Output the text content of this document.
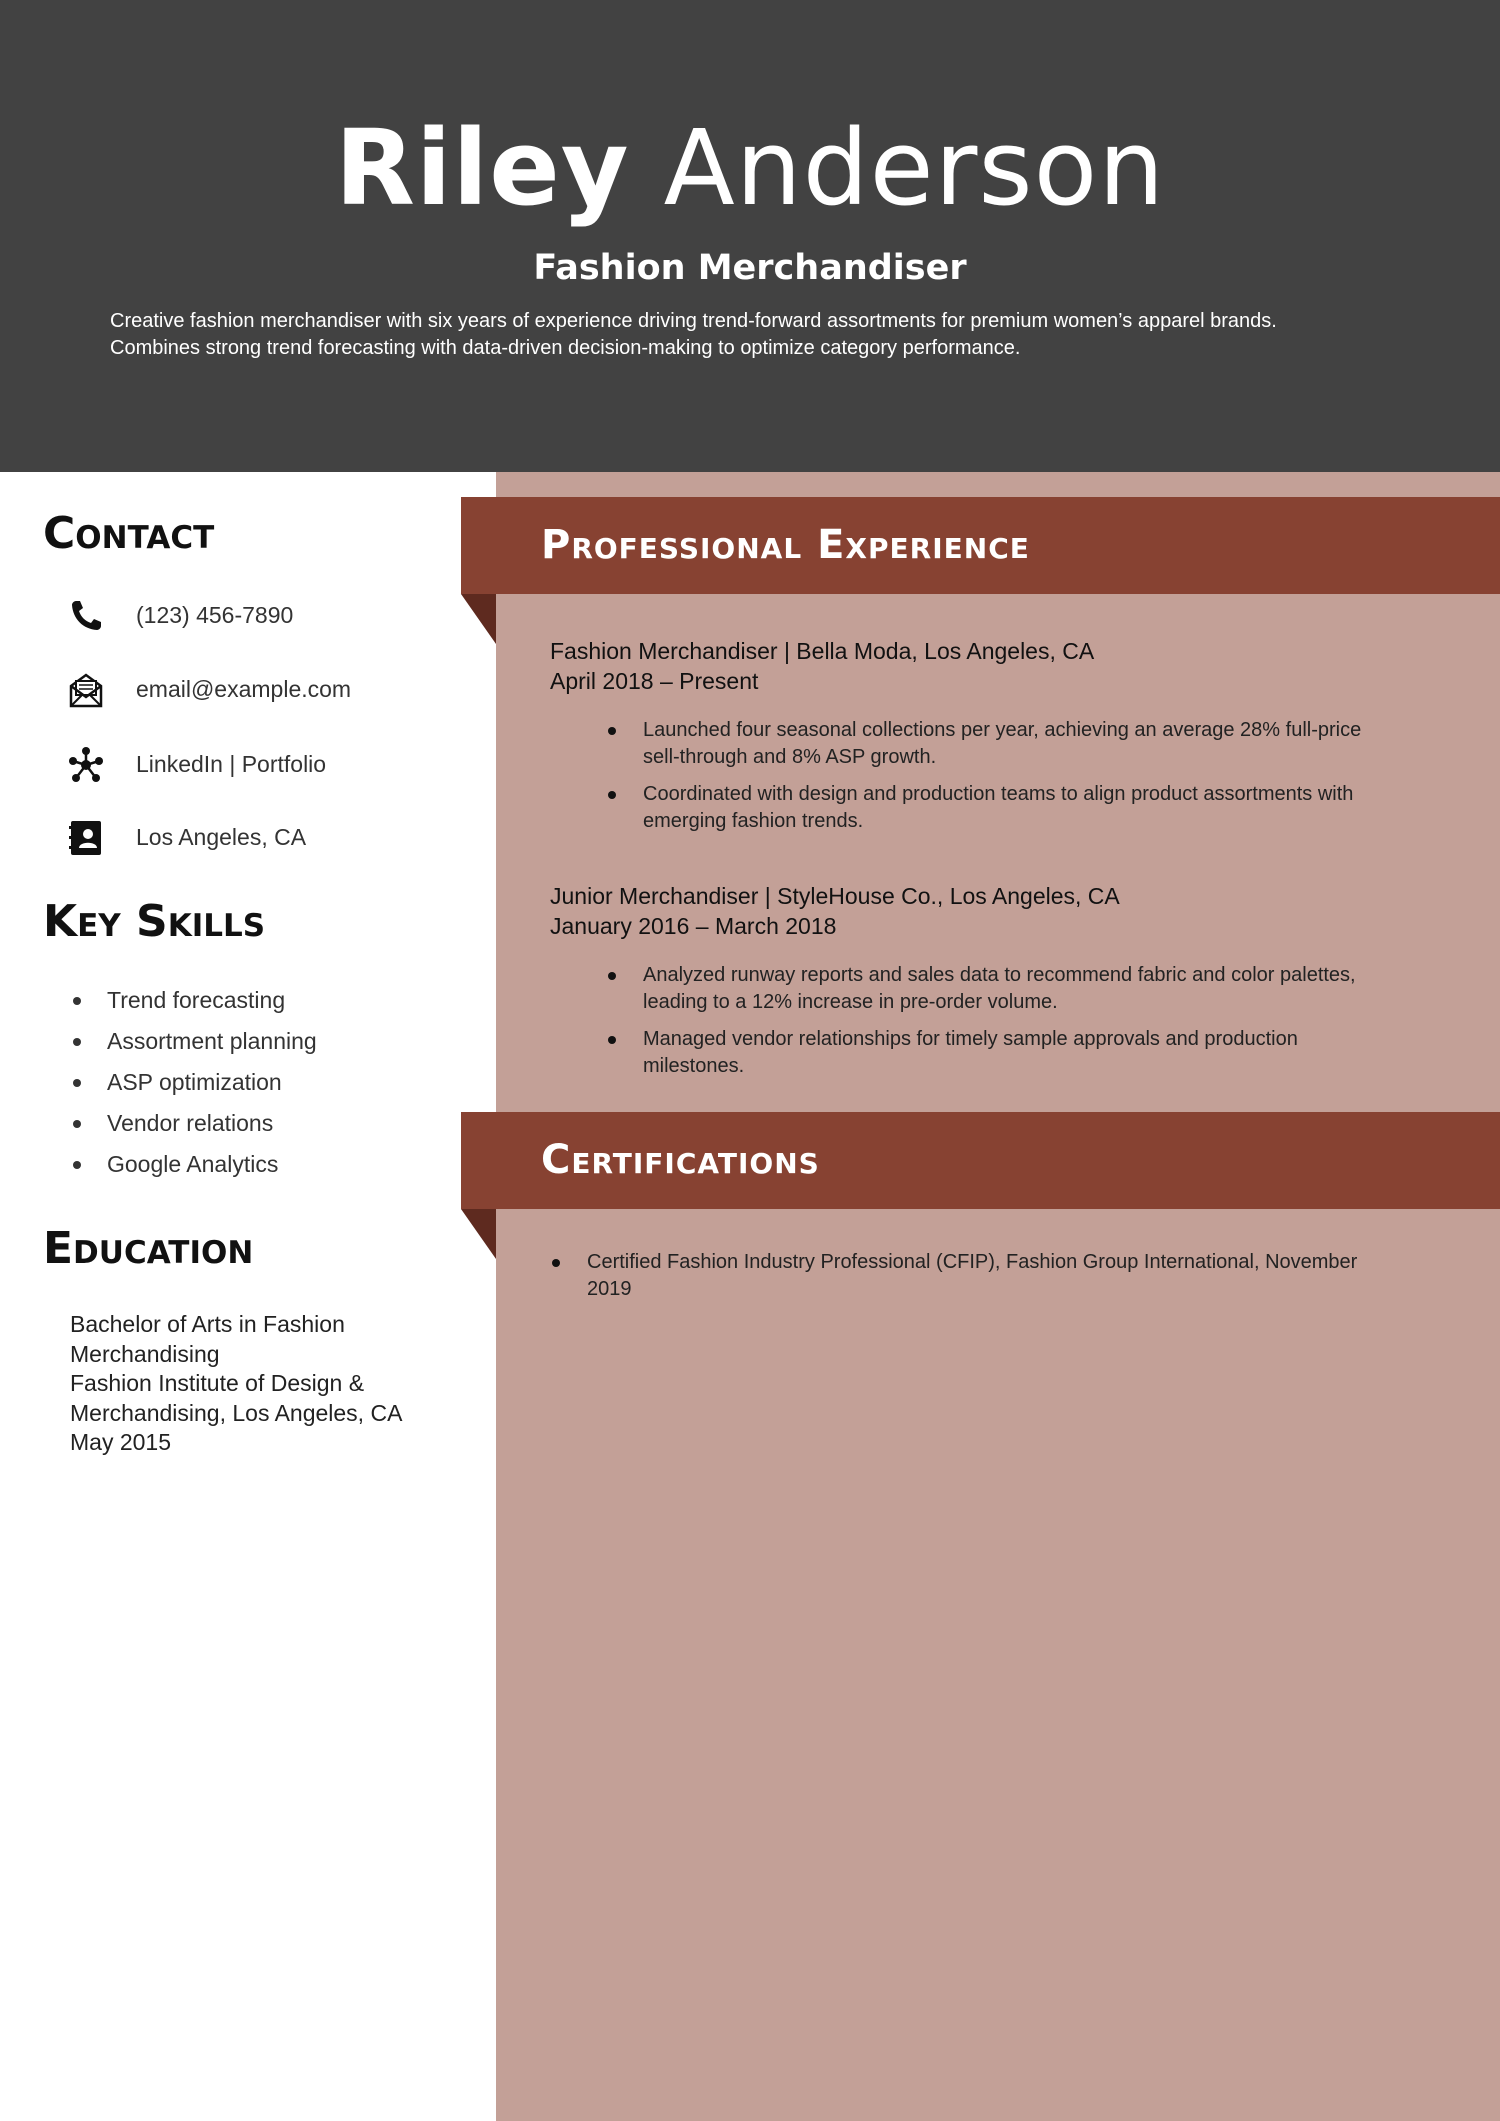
Riley Anderson
Fashion Merchandiser
Creative fashion merchandiser with six years of experience driving trend-forward assortments for premium women’s apparel brands.
Combines strong trend forecasting with data-driven decision-making to optimize category performance.
Contact
(123) 456-7890
email@example.com
LinkedIn | Portfolio
Los Angeles, CA
Key Skills
Trend forecasting
Assortment planning
ASP optimization
Vendor relations
Google Analytics
Education
Bachelor of Arts in Fashion
Merchandising
Fashion Institute of Design &
Merchandising, Los Angeles, CA
May 2015
Professional Experience
Fashion Merchandiser | Bella Moda, Los Angeles, CA
April 2018 – Present
Launched four seasonal collections per year, achieving an average 28% full-price
sell-through and 8% ASP growth.
Coordinated with design and production teams to align product assortments with
emerging fashion trends.
Junior Merchandiser | StyleHouse Co., Los Angeles, CA
January 2016 – March 2018
Analyzed runway reports and sales data to recommend fabric and color palettes,
leading to a 12% increase in pre-order volume.
Managed vendor relationships for timely sample approvals and production
milestones.
Certifications
Certified Fashion Industry Professional (CFIP), Fashion Group International, November
2019
